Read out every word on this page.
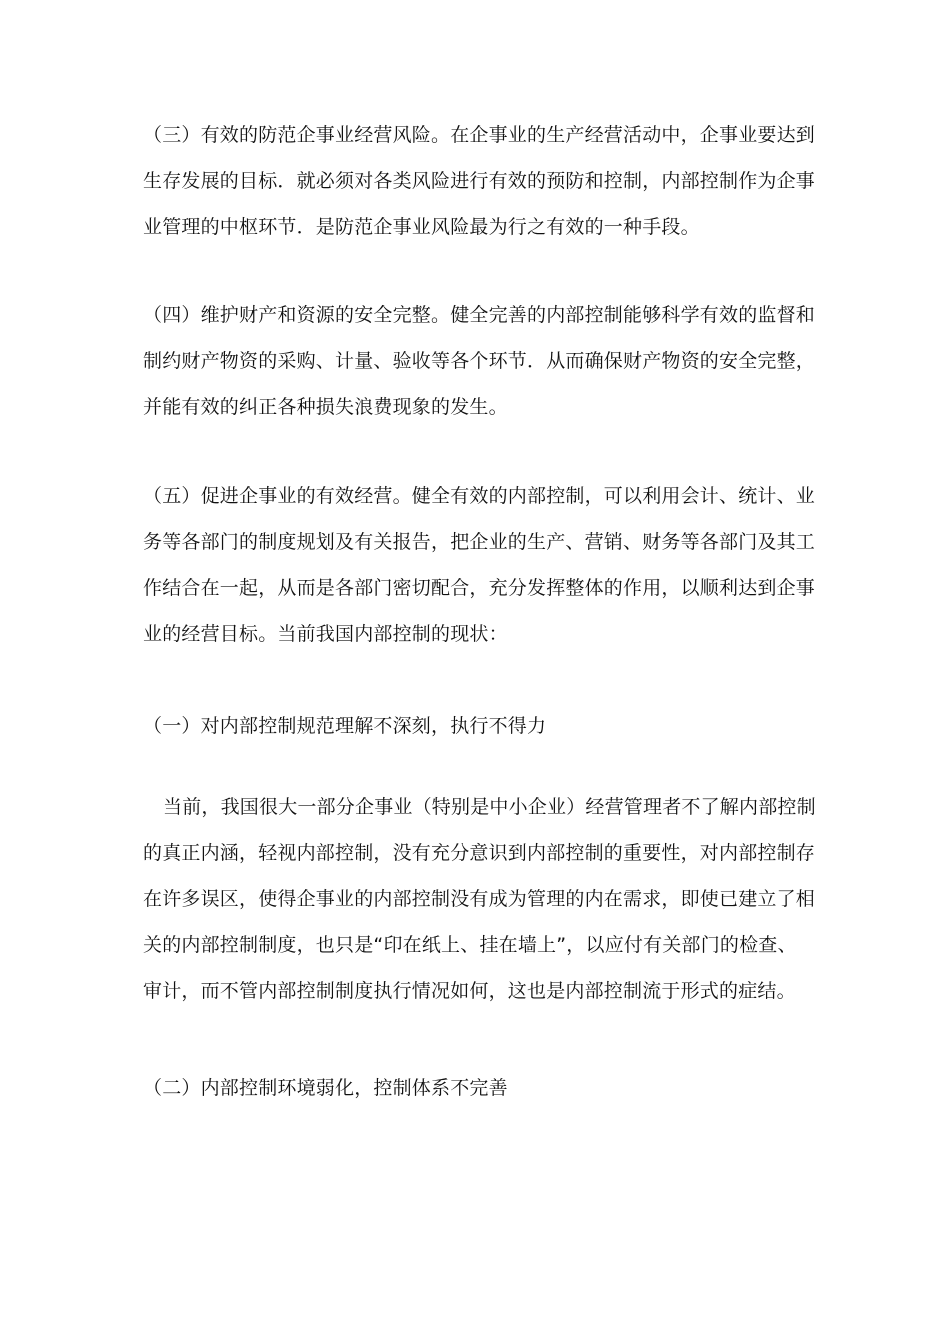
（三）有效的防范企事业经营风险。在企事业的生产经营活动中，企事业要达到
生存发展的目标．就必须对各类风险进行有效的预防和控制，内部控制作为企事
业管理的中枢环节．是防范企事业风险最为行之有效的一种手段。
（四）维护财产和资源的安全完整。健全完善的内部控制能够科学有效的监督和
制约财产物资的采购、计量、验收等各个环节．从而确保财产物资的安全完整，
并能有效的纠正各种损失浪费现象的发生。
（五）促进企事业的有效经营。健全有效的内部控制，可以利用会计、统计、业
务等各部门的制度规划及有关报告，把企业的生产、营销、财务等各部门及其工
作结合在一起，从而是各部门密切配合，充分发挥整体的作用，以顺利达到企事
业的经营目标。当前我国内部控制的现状：
（一）对内部控制规范理解不深刻，执行不得力
当前，我国很大一部分企事业（特别是中小企业）经营管理者不了解内部控制
的真正内涵，轻视内部控制，没有充分意识到内部控制的重要性，对内部控制存
在许多误区，使得企事业的内部控制没有成为管理的内在需求，即使已建立了相
关的内部控制制度，也只是“印在纸上、挂在墙上”，以应付有关部门的检查、
审计，而不管内部控制制度执行情况如何，这也是内部控制流于形式的症结。
（二）内部控制环境弱化，控制体系不完善
